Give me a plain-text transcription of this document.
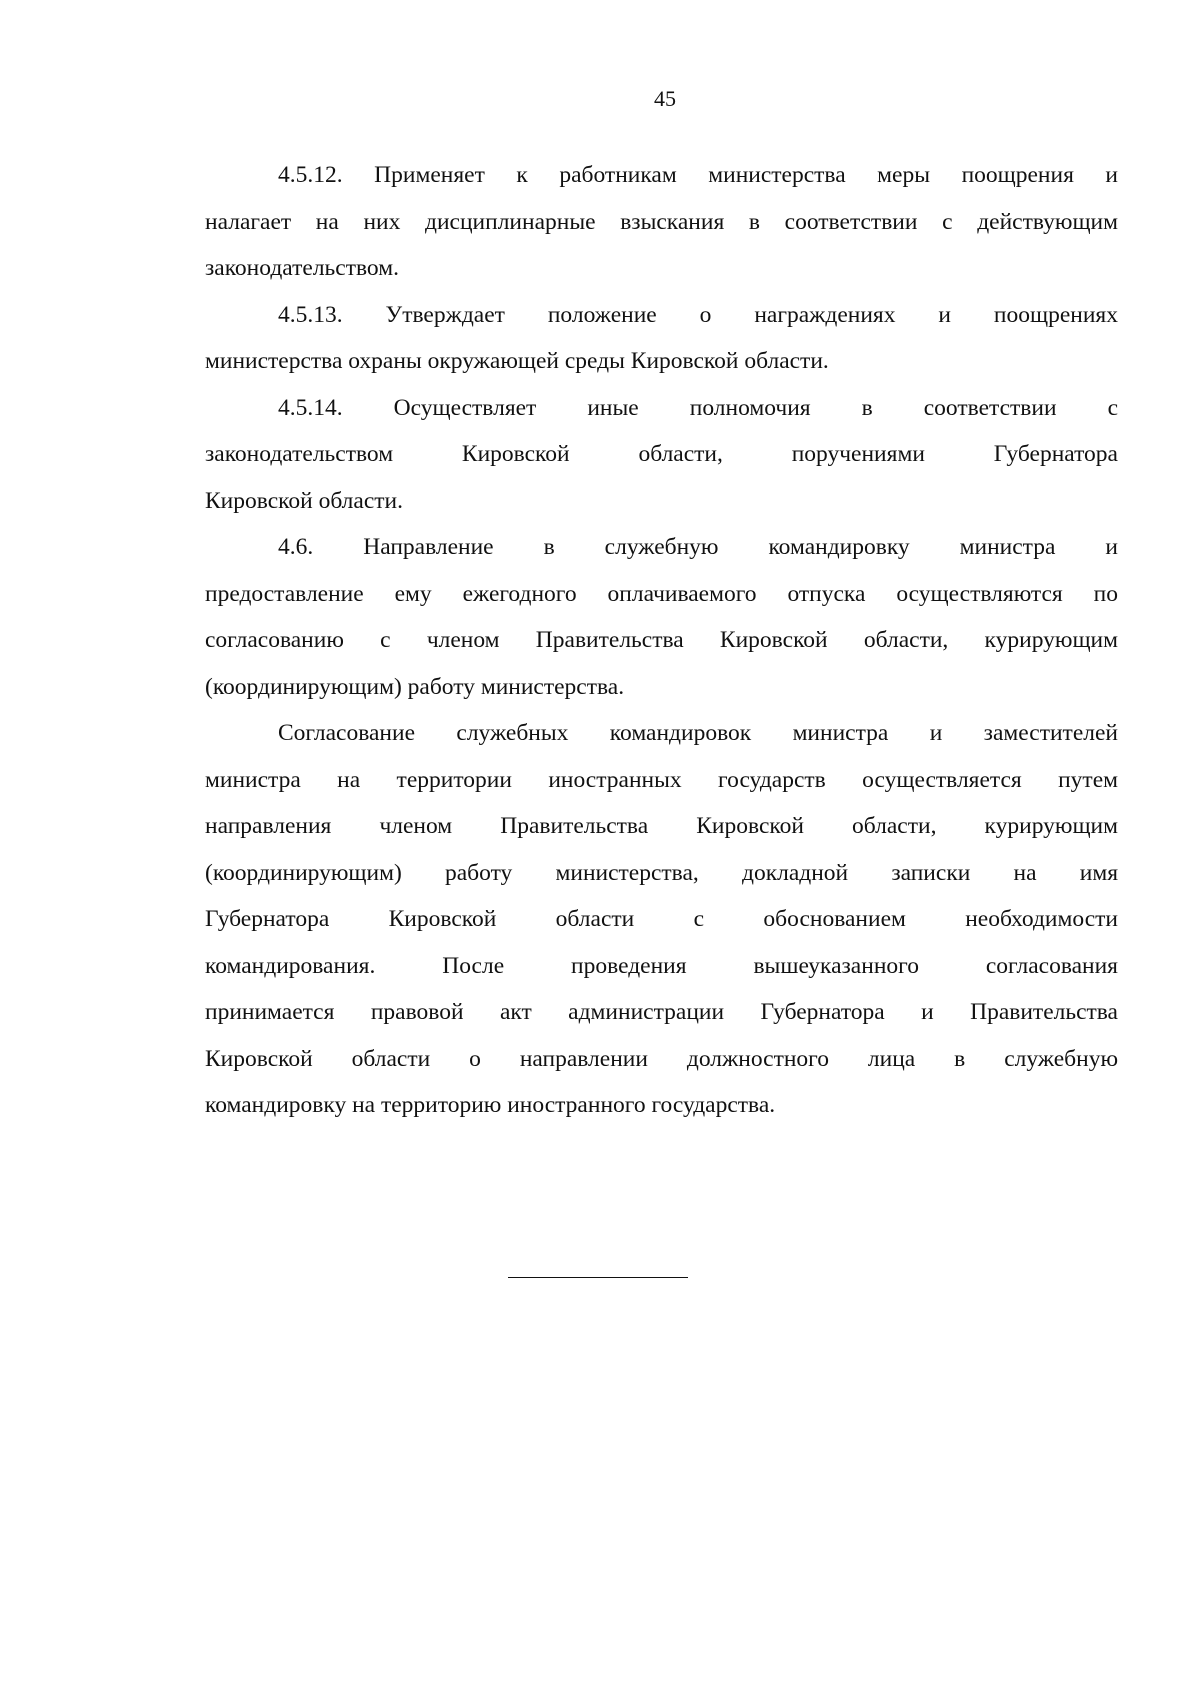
45
4.5.12. Применяет к работникам министерства меры поощрения и
налагает на них дисциплинарные взыскания в соответствии с действующим
законодательством.
4.5.13. Утверждает положение о награждениях и поощрениях
министерства охраны окружающей среды Кировской области.
4.5.14. Осуществляет иные полномочия в соответствии с
законодательством Кировской области, поручениями Губернатора
Кировской области.
4.6. Направление в служебную командировку министра и
предоставление ему ежегодного оплачиваемого отпуска осуществляются по
согласованию с членом Правительства Кировской области, курирующим
(координирующим) работу министерства.
Согласование служебных командировок министра и заместителей
министра на территории иностранных государств осуществляется путем
направления членом Правительства Кировской области, курирующим
(координирующим) работу министерства, докладной записки на имя
Губернатора Кировской области с обоснованием необходимости
командирования. После проведения вышеуказанного согласования
принимается правовой акт администрации Губернатора и Правительства
Кировской области о направлении должностного лица в служебную
командировку на территорию иностранного государства.
